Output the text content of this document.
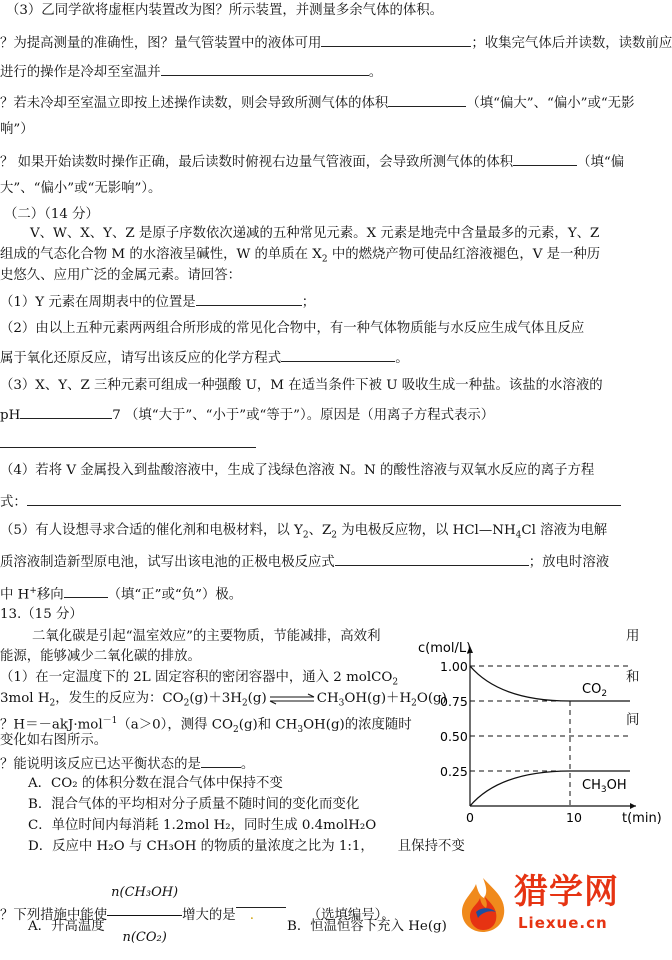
（3）乙同学欲将虚框内装置改为图？所示装置，并测量多余气体的体积。
？为提高测量的准确性，图？量气管装置中的液体可用	；收集完气体后并读数，读数前应
进行的操作是冷却至室温并	。
？若未冷却至室温立即按上述操作读数，则会导致所测气体的体积	（填“偏大”、“偏小”或“无影
响”）
？ 如果开始读数时操作正确，最后读数时俯视右边量气管液面，会导致所测气体的体积	（填“偏
大”、“偏小”或“无影响”）。
（二）（14 分）
V、W、X、Y、Z 是原子序数依次递减的五种常见元素。X 元素是地壳中含量最多的元素，Y、Z
组成的气态化合物 M 的水溶液呈碱性，W 的单质在 $X_2$ 中的燃烧产物可使品红溶液褪色，V 是一种历
史悠久、应用广泛的金属元素。请回答：
（1）Y 元素在周期表中的位置是	；
（2）由以上五种元素两两组合所形成的常见化合物中，有一种气体物质能与水反应生成气体且反应
属于氧化还原反应，请写出该反应的化学方程式	。
（3）X、Y、Z 三种元素可组成一种强酸 U，M 在适当条件下被 U 吸收生成一种盐。该盐的水溶液的
pH	7 （填“大于”、“小于”或“等于”）。原因是（用离子方程式表示）
（4）若将 V 金属投入到盐酸溶液中，生成了浅绿色溶液 N。N 的酸性溶液与双氧水反应的离子方程
式：
（5）有人设想寻求合适的催化剂和电极材料，以 $Y_2$、$Z_2$ 为电极反应物，以 $HCl—NH_4Cl$ 溶液为电解
质溶液制造新型原电池，试写出该电池的正极电极反应式	；放电时溶液
中 H+移向	（填“正”或“负”）极。
13.（15 分）
二氧化碳是引起“温室效应”的主要物质，节能减排，高效利	用
能源，能够减少二氧化碳的排放。
（1）在一定温度下的 2L 固定容积的密闭容器中，通入 2 molCO$_2$	和
3mol $H_2$，发生的反应为：$CO_2(g)+3H_2(g)\rightleftharpoons CH_3OH(g)+H_2O(g)$
？H＝－akJ·mol$^{-1}$（a＞0），测得 $CO_2(g)$和 $CH_3OH(g)$的浓度随时	间
变化如右图所示。
？能说明该反应已达平衡状态的是	。
A．CO₂ 的体积分数在混合气体中保持不变
B．混合气体的平均相对分子质量不随时间的变化而变化
C．单位时间内每消耗 1.2mol H₂，同时生成 0.4molH₂O
D．反应中 H₂O 与 CH₃OH 的物质的量浓度之比为 1:1， 且保持不变
？下列措施中能使 $\frac{\text{n(CH₃OH)}}{\text{n(CO₂)}}$ 增大的是 .	（选填编号）。
A．升高温度	B．恒温恒容下充入 He(g)
c(mol/L)
t(min)
1.00
0.75
0.50
0.25
0	10
$CO_2$
$CH_3OH$
猎学网
Liexue.cn
